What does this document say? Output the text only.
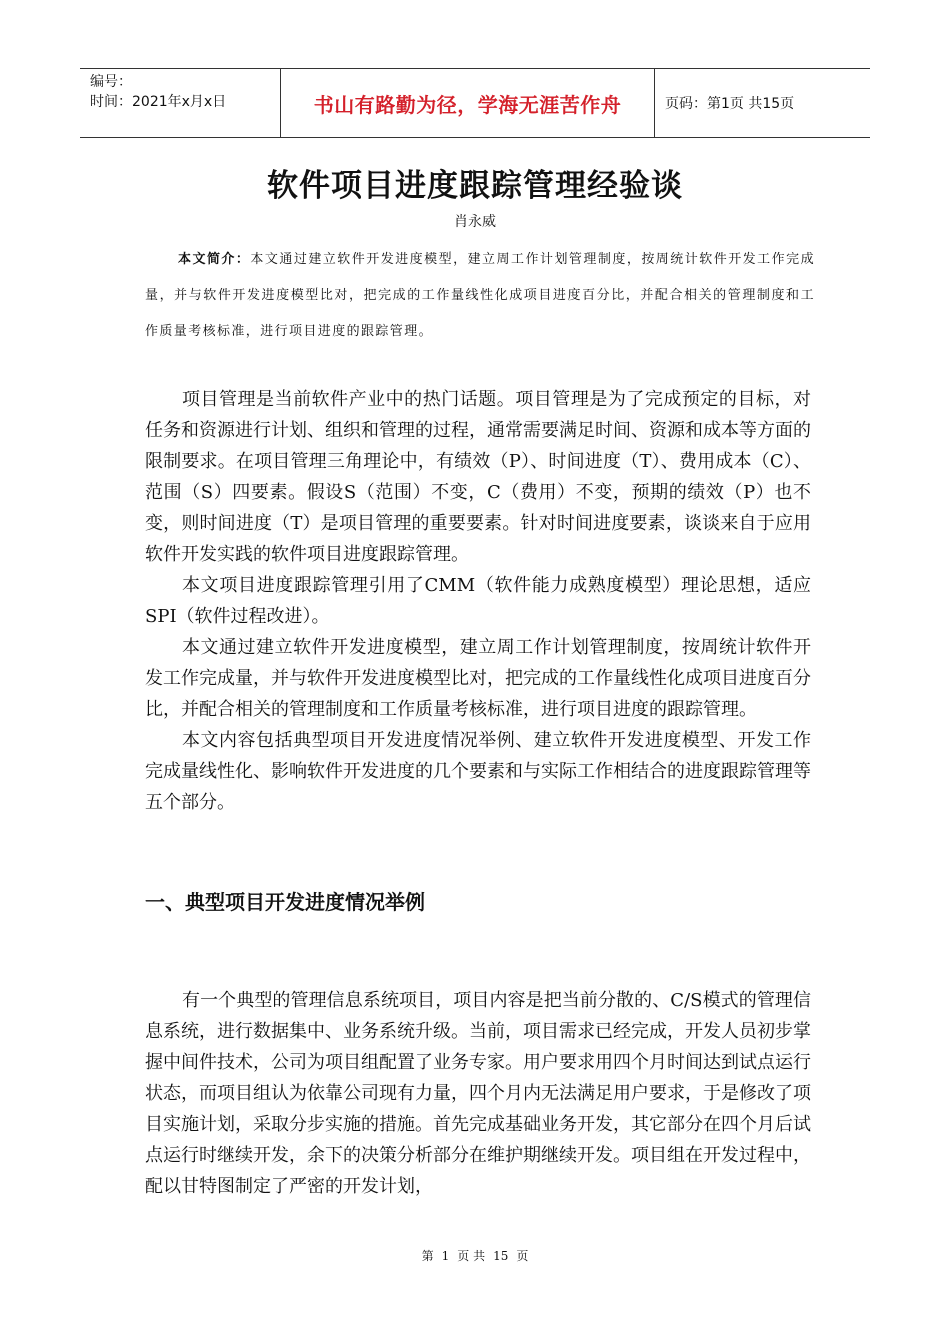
编号：
时间：2021年x月x日	书山有路勤为径，学海无涯苦作舟	页码：第1页 共15页
软件项目进度跟踪管理经验谈
肖永威
本文简介：本文通过建立软件开发进度模型，建立周工作计划管理制度，按周统计软件开发工作完成量，并与软件开发进度模型比对，把完成的工作量线性化成项目进度百分比，并配合相关的管理制度和工作质量考核标准，进行项目进度的跟踪管理。

项目管理是当前软件产业中的热门话题。项目管理是为了完成预定的目标，对任务和资源进行计划、组织和管理的过程，通常需要满足时间、资源和成本等方面的限制要求。在项目管理三角理论中，有绩效（P）、时间进度（T）、费用成本（C）、范围（S）四要素。假设S（范围）不变，C（费用）不变，预期的绩效（P）也不变，则时间进度（T）是项目管理的重要要素。针对时间进度要素，谈谈来自于应用软件开发实践的软件项目进度跟踪管理。

本文项目进度跟踪管理引用了CMM（软件能力成熟度模型）理论思想，适应SPI（软件过程改进）。

本文通过建立软件开发进度模型，建立周工作计划管理制度，按周统计软件开发工作完成量，并与软件开发进度模型比对，把完成的工作量线性化成项目进度百分比，并配合相关的管理制度和工作质量考核标准，进行项目进度的跟踪管理。

本文内容包括典型项目开发进度情况举例、建立软件开发进度模型、开发工作完成量线性化、影响软件开发进度的几个要素和与实际工作相结合的进度跟踪管理等五个部分。

一、典型项目开发进度情况举例

有一个典型的管理信息系统项目，项目内容是把当前分散的、C/S模式的管理信息系统，进行数据集中、业务系统升级。当前，项目需求已经完成，开发人员初步掌握中间件技术，公司为项目组配置了业务专家。用户要求用四个月时间达到试点运行状态，而项目组认为依靠公司现有力量，四个月内无法满足用户要求，于是修改了项目实施计划，采取分步实施的措施。首先完成基础业务开发，其它部分在四个月后试点运行时继续开发，余下的决策分析部分在维护期继续开发。项目组在开发过程中，配以甘特图制定了严密的开发计划，

第 1 页 共 15 页
